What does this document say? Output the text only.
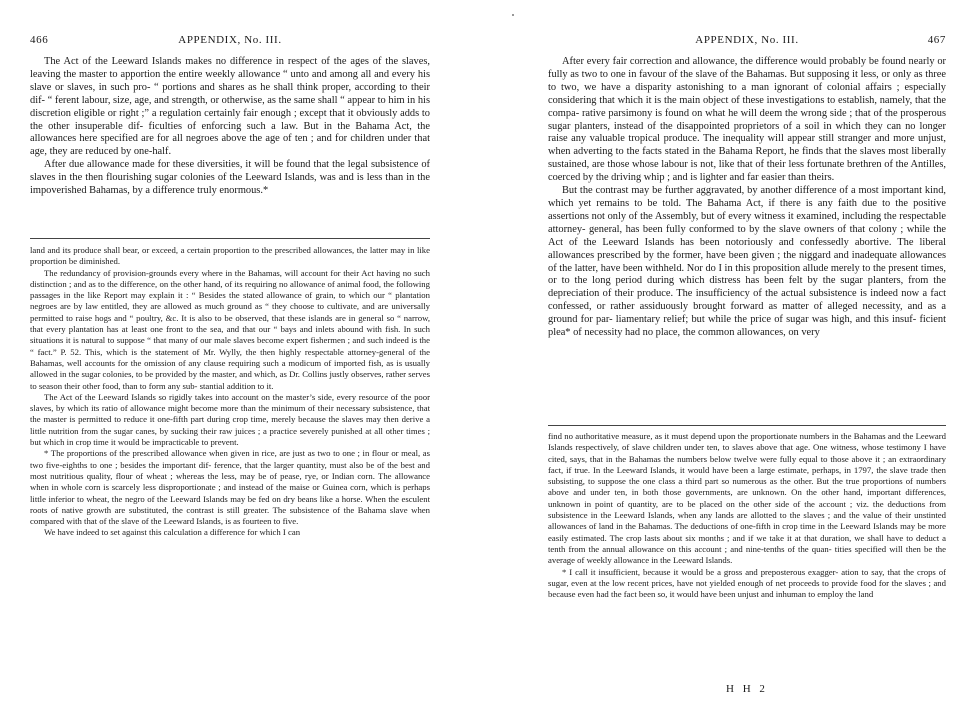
466	APPENDIX, No. III.

The Act of the Leeward Islands makes no difference in respect of the ages of the slaves, leaving the master to apportion the entire weekly allowance “ unto and among all and every his slave or slaves, in such pro- “ portions and shares as he shall think proper, according to their dif- “ ferent labour, size, age, and strength, or otherwise, as the same shall “ appear to him in his discretion eligible or right ;” a regulation certainly fair enough ; except that it obviously adds to the other insuperable dif- ficulties of enforcing such a law. But in the Bahama Act, the allowances here specified are for all negroes above the age of ten ; and for children under that age, they are reduced by one-half.

After due allowance made for these diversities, it will be found that the legal subsistence of slaves in the then flourishing sugar colonies of the Leeward Islands, was and is less than in the impoverished Bahamas, by a difference truly enormous.*

land and its produce shall bear, or exceed, a certain proportion to the prescribed allowances, the latter may in like proportion be diminished.

The redundancy of provision-grounds every where in the Bahamas, will account for their Act having no such distinction ; and as to the difference, on the other hand, of its requiring no allowance of animal food, the following passages in the like Report may explain it : “ Besides the stated allowance of grain, to which our “ plantation negroes are by law entitled, they are allowed as much ground as “ they choose to cultivate, and are universally permitted to raise hogs and “ poultry, &c. It is also to be observed, that these islands are in general so “ narrow, that every plantation has at least one front to the sea, and that our “ bays and inlets abound with fish. In such situations it is natural to suppose “ that many of our male slaves become expert fishermen ; and such indeed is the “ fact.” P. 52. This, which is the statement of Mr. Wylly, the then highly respectable attorney-general of the Bahamas, well accounts for the omission of any clause requiring such a modicum of imported fish, as is usually allowed in the sugar colonies, to be provided by the master, and which, as Dr. Collins justly observes, rather serves to season their other food, than to form any sub- stantial addition to it.

The Act of the Leeward Islands so rigidly takes into account on the master’s side, every resource of the poor slaves, by which its ratio of allowance might become more than the minimum of their necessary subsistence, that the master is permitted to reduce it one-fifth part during crop time, merely because the slaves may then derive a little nutrition from the sugar canes, by sucking their raw juices ; a practice severely punished at all other times ; but which in crop time it would be impracticable to prevent.

* The proportions of the prescribed allowance when given in rice, are just as two to one ; in flour or meal, as two five-eighths to one ; besides the important dif- ference, that the larger quantity, must also be of the best and most nutritious quality, flour of wheat ; whereas the less, may be of pease, rye, or Indian corn. The allowance when in whole corn is scarcely less disproportionate ; and instead of the maise or Guinea corn, which is perhaps little inferior to wheat, the negro of the Leeward Islands may be fed on dry beans like a horse. When the esculent roots of native growth are substituted, the contrast is still greater. The subsistence of the Bahama slave when compared with that of the slave of the Leeward Islands, is as fourteen to five.

We have indeed to set against this calculation a difference for which I can

APPENDIX, No. III.	467

After every fair correction and allowance, the difference would probably be found nearly or fully as two to one in favour of the slave of the Bahamas. But supposing it less, or only as three to two, we have a disparity astonishing to a man ignorant of colonial affairs ; especially considering that which it is the main object of these investigations to establish, namely, that the compa- rative parsimony is found on what he will deem the wrong side ; that of the prosperous sugar planters, instead of the disappointed proprietors of a soil in which they can no longer raise any valuable tropical produce. The inequality will appear still stranger and more unjust, when adverting to the facts stated in the Bahama Report, he finds that the slaves most liberally sustained, are those whose labour is not, like that of their less fortunate brethren of the Antilles, coerced by the driving whip ; and is lighter and far easier than theirs.

But the contrast may be further aggravated, by another difference of a most important kind, which yet remains to be told. The Bahama Act, if there is any faith due to the positive assertions not only of the Assembly, but of every witness it examined, including the respectable attorney- general, has been fully conformed to by the slave owners of that colony ; while the Act of the Leeward Islands has been notoriously and confessedly abortive. The liberal allowances prescribed by the former, have been given ; the niggard and inadequate allowances of the latter, have been withheld. Nor do I in this proposition allude merely to the present times, or to the long period during which distress has been felt by the sugar planters, from the depreciation of their produce. The insufficiency of the actual subsistence is indeed now a fact confessed, or rather assiduously brought forward as matter of alleged necessity, and as a ground for par- liamentary relief; but while the price of sugar was high, and this insuf- ficient plea* of necessity had no place, the common allowances, on very

find no authoritative measure, as it must depend upon the proportionate numbers in the Bahamas and the Leeward Islands respectively, of slave children under ten, to slaves above that age. One witness, whose testimony I have cited, says, that in the Bahamas the numbers below twelve were fully equal to those above it ; an extraordinary fact, if true. In the Leeward Islands, it would have been a large estimate, perhaps, in 1797, the slave trade then subsisting, to suppose the one class a third part so numerous as the other. But the true proportions of numbers above and under ten, in both those governments, are unknown. On the other hand, important differences, unknown in point of quantity, are to be placed on the other side of the account ; viz. the deductions from subsistence in the Leeward Islands, when any lands are allotted to the slaves ; and the value of their unstinted allowances of land in the Bahamas. The deductions of one-fifth in crop time in the Leeward Islands may be more easily estimated. The crop lasts about six months ; and if we take it at that duration, we shall have to deduct a tenth from the annual allowance on this account ; and nine-tenths of the quan- tities specified will then be the average of weekly allowance in the Leeward Islands.

* I call it insufficient, because it would be a gross and preposterous exagger- ation to say, that the crops of sugar, even at the low recent prices, have not yielded enough of net proceeds to provide food for the slaves ; and because even had the fact been so, it would have been unjust and inhuman to employ the land

H H 2
